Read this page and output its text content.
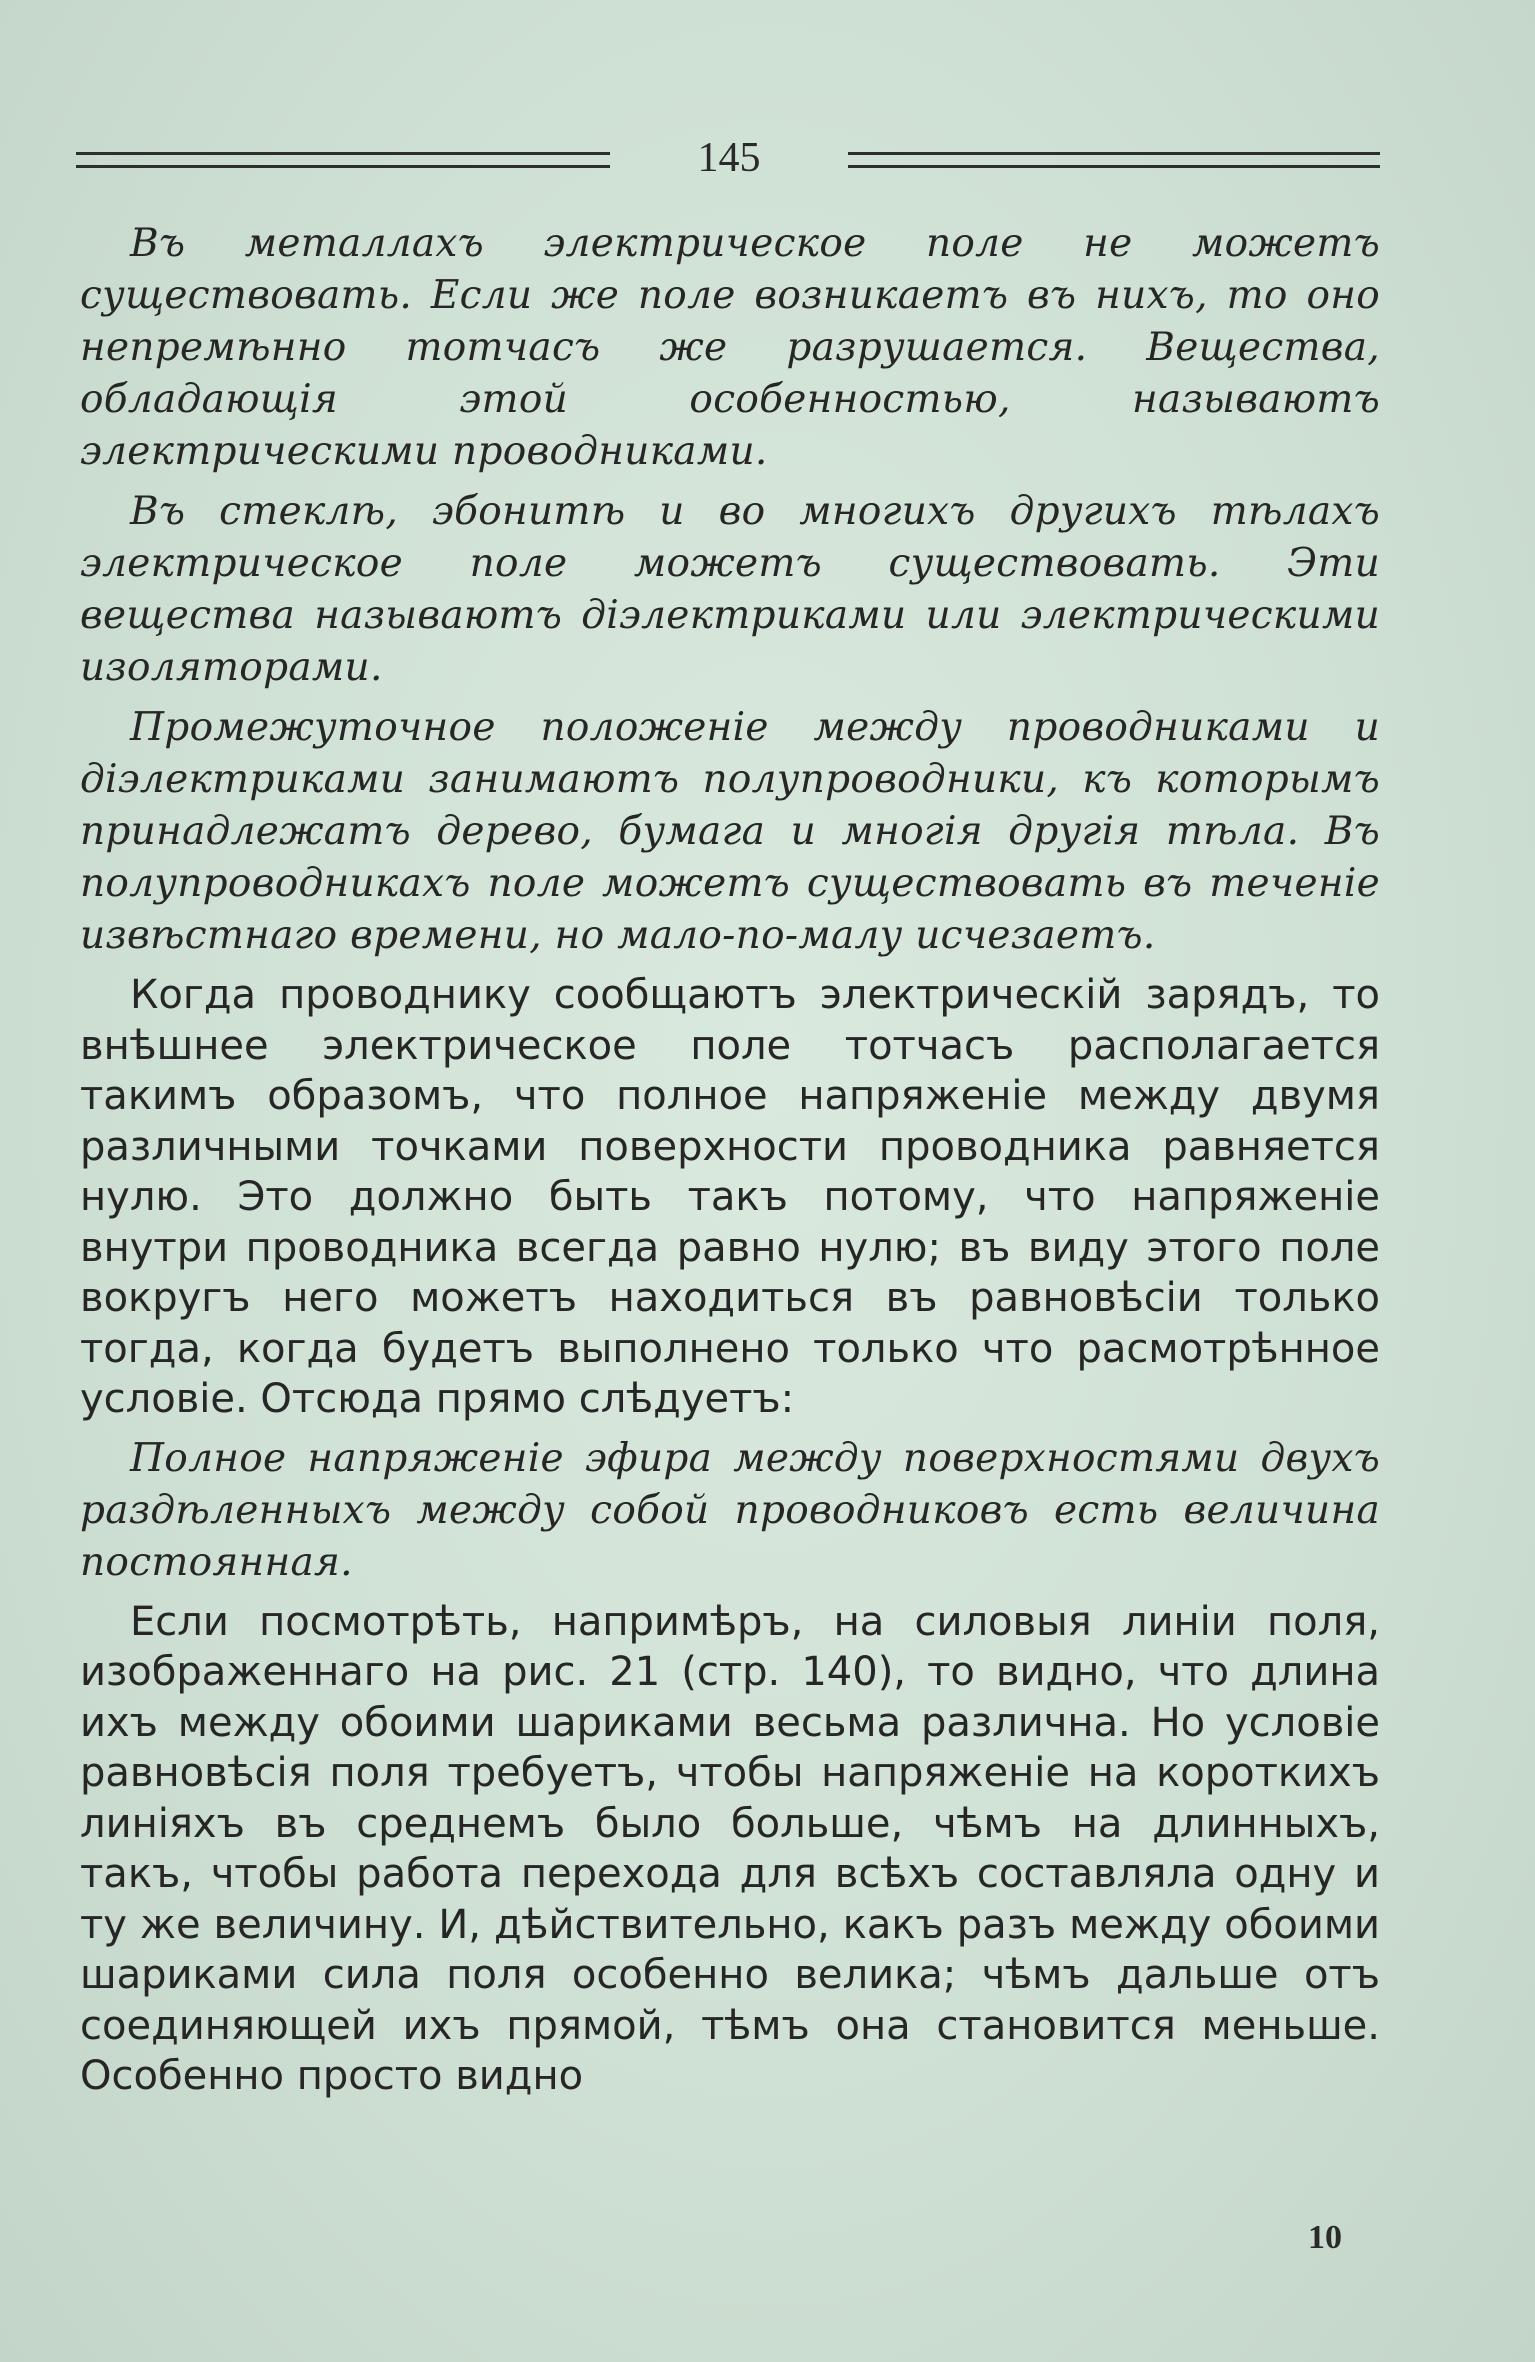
145

Въ металлахъ электрическое поле не можетъ существовать. Если же поле возникаетъ въ нихъ, то оно непремѣнно тотчасъ же разрушается. Вещества, обладающія этой особенностью, называютъ электрическими проводниками.

Въ стеклѣ, эбонитѣ и во многихъ другихъ тѣлахъ электрическое поле можетъ существовать. Эти вещества называютъ діэлектриками или электрическими изоляторами.

Промежуточное положеніе между проводниками и діэлектриками занимаютъ полупроводники, къ которымъ принадлежатъ дерево, бумага и многія другія тѣла. Въ полупроводникахъ поле можетъ существовать въ теченіе извѣстнаго времени, но мало-по-малу исчезаетъ.

Когда проводнику сообщаютъ электрическій зарядъ, то внѣшнее электрическое поле тотчасъ располагается такимъ образомъ, что полное напряженіе между двумя различными точками поверхности проводника равняется нулю. Это должно быть такъ потому, что напряженіе внутри проводника всегда равно нулю; въ виду этого поле вокругъ него можетъ находиться въ равновѣсіи только тогда, когда будетъ выполнено только что расмотрѣнное условіе. Отсюда прямо слѣдуетъ:

Полное напряженіе эфира между поверхностями двухъ раздѣленныхъ между собой проводниковъ есть величина постоянная.

Если посмотрѣть, напримѣръ, на силовыя линіи поля, изображеннаго на рис. 21 (стр. 140), то видно, что длина ихъ между обоими шариками весьма различна. Но условіе равновѣсія поля требуетъ, чтобы напряженіе на короткихъ линіяхъ въ среднемъ было больше, чѣмъ на длинныхъ, такъ, чтобы работа перехода для всѣхъ составляла одну и ту же величину. И, дѣйствительно, какъ разъ между обоими шариками сила поля особенно велика; чѣмъ дальше отъ соединяющей ихъ прямой, тѣмъ она становится меньше. Особенно просто видно

10
